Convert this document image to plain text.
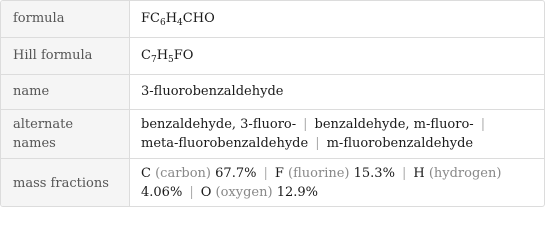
formula	$FC_6H_4CHO$
Hill formula	$C_7H_5FO$
name	3-fluorobenzaldehyde
alternate names	benzaldehyde, 3-fluoro- | benzaldehyde, m-fluoro- |
meta-fluorobenzaldehyde | m-fluorobenzaldehyde
mass fractions	C (carbon) 67.7% | F (fluorine) 15.3% | H (hydrogen)
4.06% | O (oxygen) 12.9%
